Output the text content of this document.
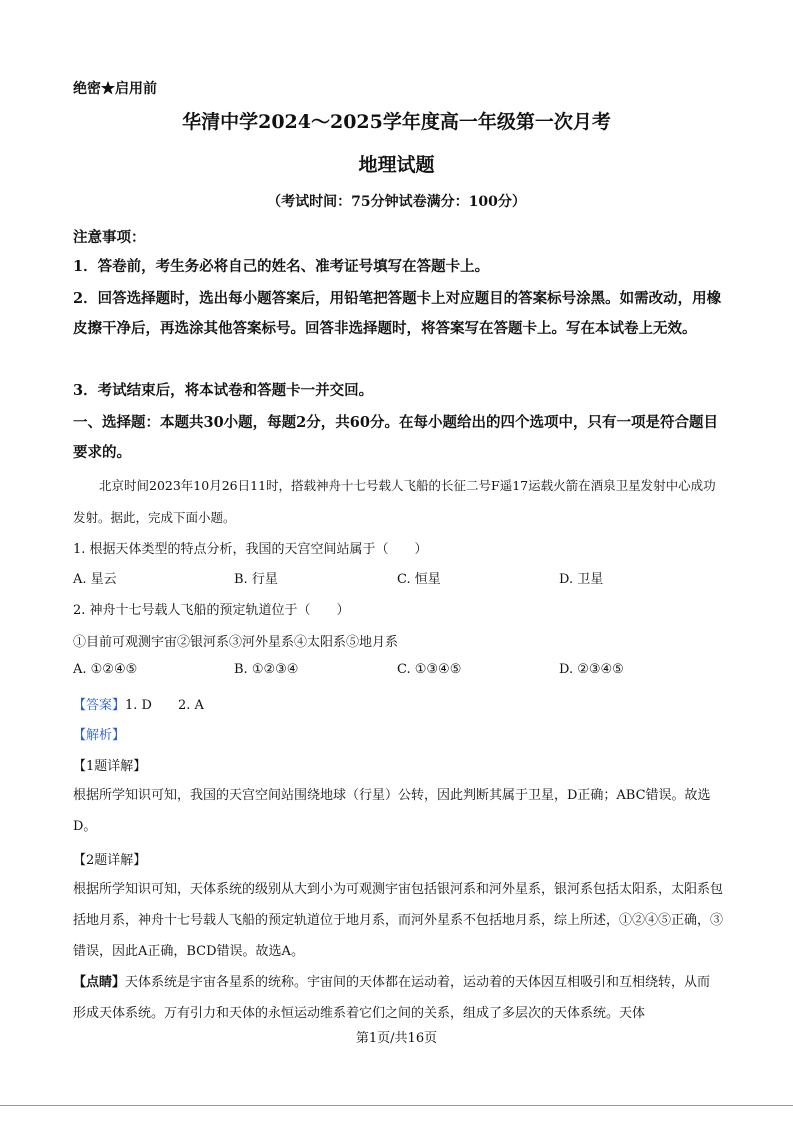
绝密★启用前
华清中学2024～2025学年度高一年级第一次月考
地理试题
（考试时间：75分钟试卷满分：100分）
注意事项：
1．答卷前，考生务必将自己的姓名、准考证号填写在答题卡上。
2．回答选择题时，选出每小题答案后，用铅笔把答题卡上对应题目的答案标号涂黑。如需改动，用橡皮擦干净后，再选涂其他答案标号。回答非选择题时，将答案写在答题卡上。写在本试卷上无效。
3．考试结束后，将本试卷和答题卡一并交回。
一、选择题：本题共30小题，每题2分，共60分。在每小题给出的四个选项中，只有一项是符合题目要求的。
北京时间2023年10月26日11时，搭载神舟十七号载人飞船的长征二号F遥17运载火箭在酒泉卫星发射中心成功发射。据此，完成下面小题。
1. 根据天体类型的特点分析，我国的天宫空间站属于（　　）
A. 星云	B. 行星	C. 恒星	D. 卫星
2. 神舟十七号载人飞船的预定轨道位于（　　）
①目前可观测宇宙②银河系③河外星系④太阳系⑤地月系
A. ①②④⑤	B. ①②③④	C. ①③④⑤	D. ②③④⑤
【答案】1. D 2. A
【解析】
【1题详解】
根据所学知识可知，我国的天宫空间站围绕地球（行星）公转，因此判断其属于卫星，D正确；ABC错误。故选D。
【2题详解】
根据所学知识可知，天体系统的级别从大到小为可观测宇宙包括银河系和河外星系，银河系包括太阳系，太阳系包括地月系，神舟十七号载人飞船的预定轨道位于地月系，而河外星系不包括地月系，综上所述，①②④⑤正确，③错误，因此A正确，BCD错误。故选A。
【点睛】天体系统是宇宙各星系的统称。宇宙间的天体都在运动着，运动着的天体因互相吸引和互相绕转，从而形成天体系统。万有引力和天体的永恒运动维系着它们之间的关系，组成了多层次的天体系统。天体
第1页/共16页
